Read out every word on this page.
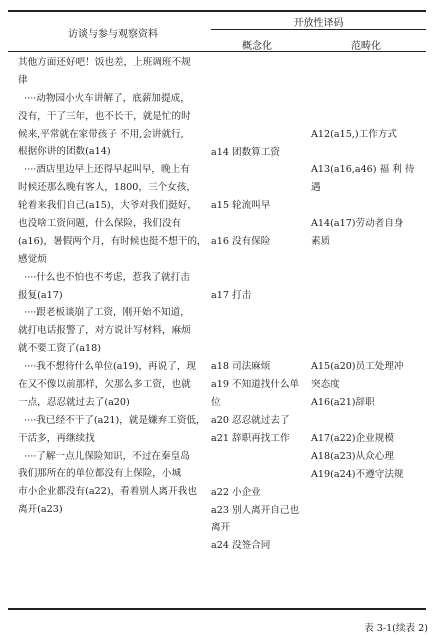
访谈与参与观察资料
开放性译码
概念化	范畴化
其他方面还好吧！饭也差，上班调班不规
律
····动物园小火车讲解了，底薪加提成，
没有，干了三年，也不长干，就是忙的时
候来,平常就在家带孩子 不用,会讲就行,
根据你讲的团数(a14)
····酒店里边早上还得早起叫早，晚上有
时候还那么晚有客人，1800，三个女孩，
轮着来我们自己(a15)，大爷对我们挺好，
也没啥工资问题，什么保险，我们没有
(a16)，暑假两个月，有时候也挺不想干的，
感觉烦
····什么也不怕也不考虑，惹我了就打击
报复(a17)
····跟老板谈崩了工资，刚开始不知道，
就打电话报警了，对方说计写材料，麻烦
就不要工资了(a18)
····我不想待什么单位(a19)，再说了，现
在又不像以前那样，欠那么多工资，也就
一点，忍忍就过去了(a20)
····我已经不干了(a21)，就是嫌弃工资低，
干活多，再继续找
····了解一点儿保险知识，不过在秦皇岛
我们那所在的单位都没有上保险，小城
市小企业都没有(a22)，看着别人离开我也
离开(a23)
a14 团数算工资
a15 轮流叫早
a16 没有保险
a17 打击
a18 司法麻烦
a19 不知道找什么单
位
a20 忍忍就过去了
a21 辞职再找工作
a22 小企业
a23 别人离开自己也
离开
a24 没签合同
A12(a15,)工作方式
A13(a16,a46) 福 利 待
遇
A14(a17)劳动者自身
素质
A15(a20)员工处理冲
突态度
A16(a21)辞职
A17(a22)企业规模
A18(a23)从众心理
A19(a24)不遵守法规
表 3-1(续表 2)
